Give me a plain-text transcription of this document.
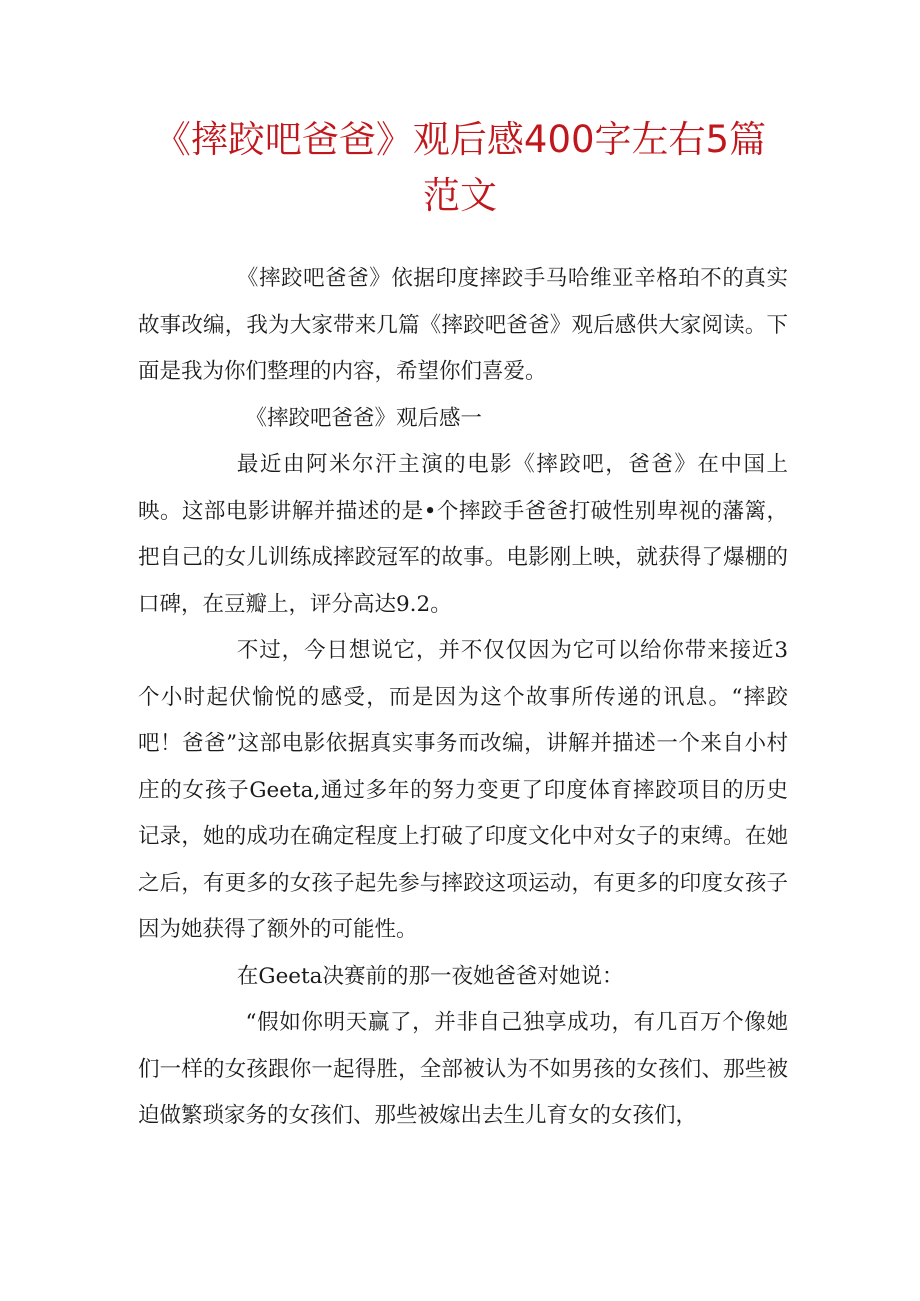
《摔跤吧爸爸》观后感400字左右5篇范文

《摔跤吧爸爸》依据印度摔跤手马哈维亚辛格珀不的真实故事改编，我为大家带来几篇《摔跤吧爸爸》观后感供大家阅读。下面是我为你们整理的内容，希望你们喜爱。

《摔跤吧爸爸》观后感一

最近由阿米尔汗主演的电影《摔跤吧，爸爸》在中国上映。这部电影讲解并描述的是•个摔跤手爸爸打破性别卑视的藩篱，把自己的女儿训练成摔跤冠军的故事。电影刚上映，就获得了爆棚的口碑，在豆瓣上，评分高达9.2。

不过，今日想说它，并不仅仅因为它可以给你带来接近3个小时起伏愉悦的感受，而是因为这个故事所传递的讯息。“摔跤吧！爸爸”这部电影依据真实事务而改编，讲解并描述一个来自小村庄的女孩子Geeta,通过多年的努力变更了印度体育摔跤项目的历史记录，她的成功在确定程度上打破了印度文化中对女子的束缚。在她之后，有更多的女孩子起先参与摔跤这项运动，有更多的印度女孩子因为她获得了额外的可能性。

在Geeta决赛前的那一夜她爸爸对她说：

“假如你明天赢了，并非自己独享成功，有几百万个像她们一样的女孩跟你一起得胜，全部被认为不如男孩的女孩们、那些被迫做繁琐家务的女孩们、那些被嫁出去生儿育女的女孩们，
